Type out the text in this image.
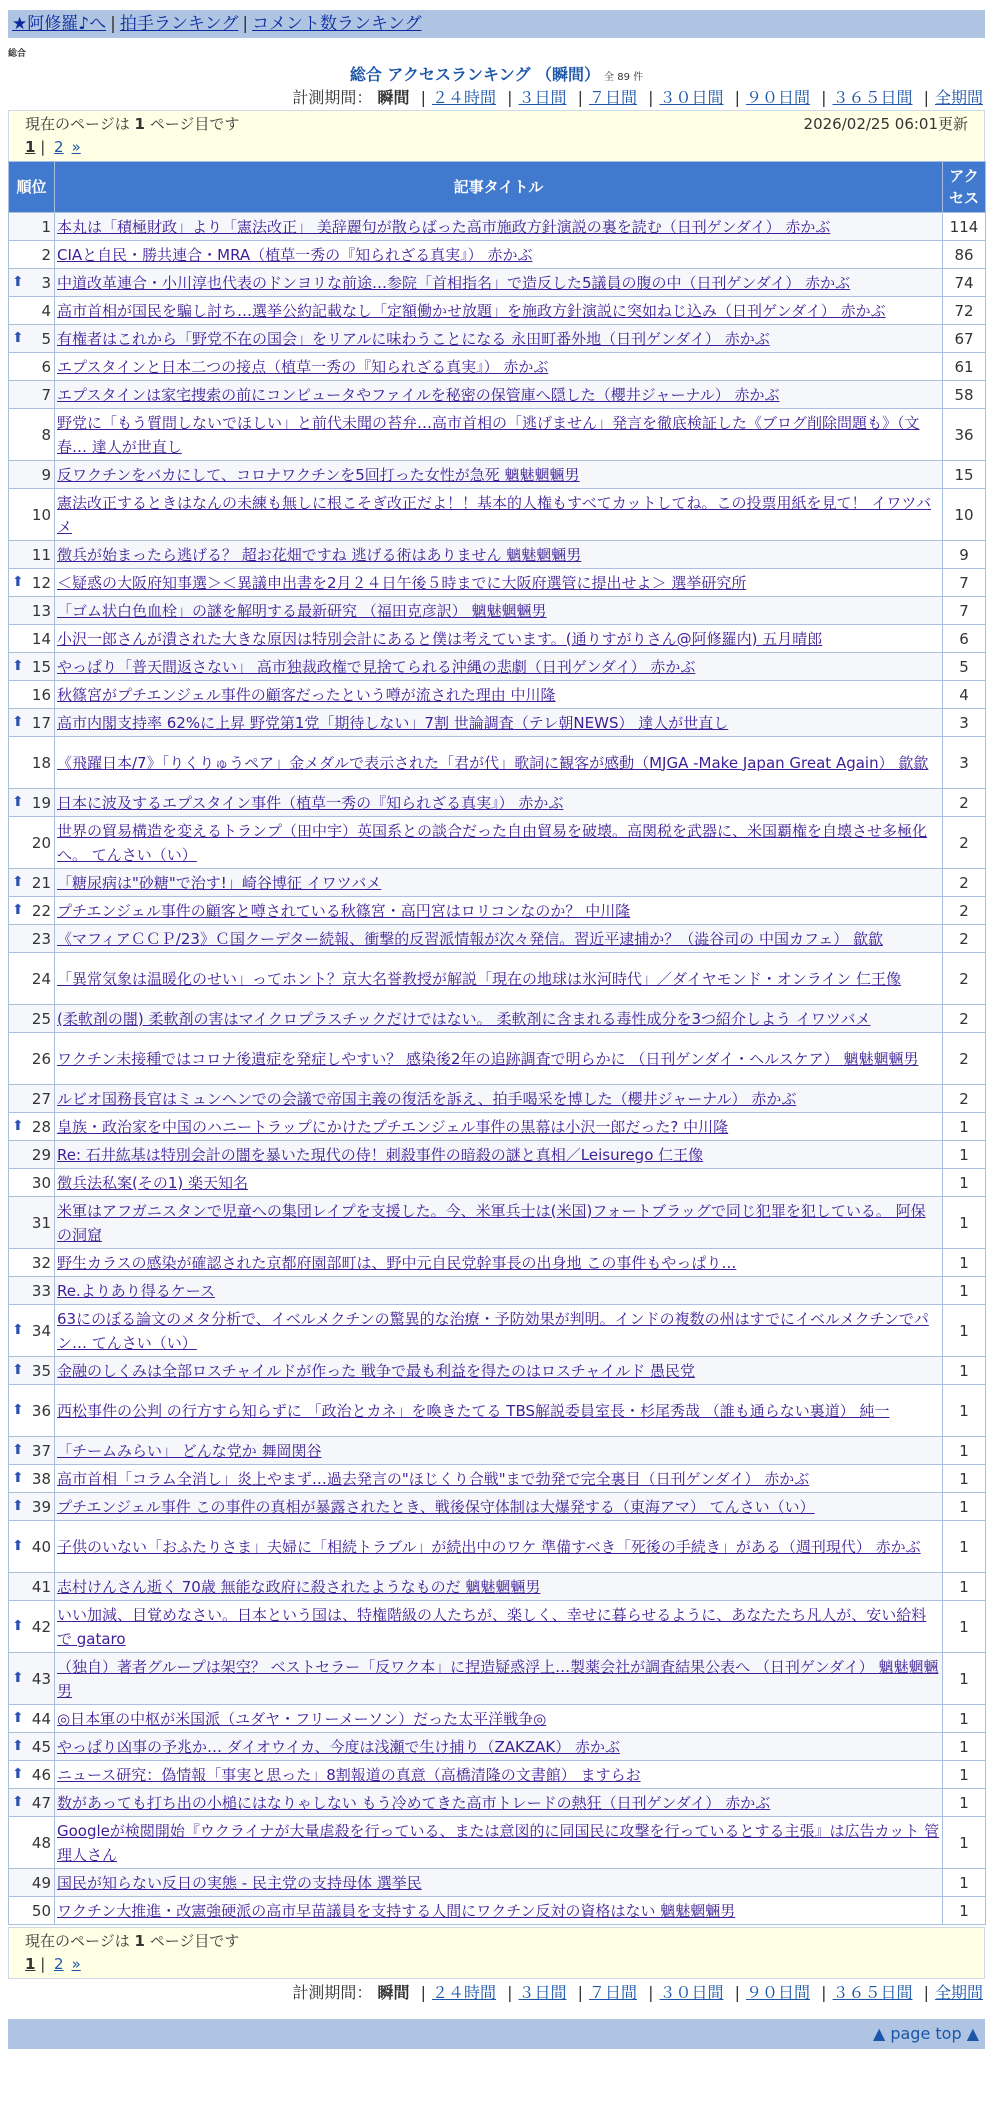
★阿修羅♪へ | 拍手ランキング | コメント数ランキング
総合
総合 アクセスランキング （瞬間） 全 89 件
計測期間： 瞬間 | ２４時間 | ３日間 | ７日間 | ３０日間 | ９０日間 | ３６５日間 | 全期間
現在のページは 1 ページ目です	2026/02/25 06:01更新
1 | 2 »
順位	記事タイトル	アクセス
1	本丸は「積極財政」より「憲法改正」 美辞麗句が散らばった高市施政方針演説の裏を読む（日刊ゲンダイ） 赤かぶ	114
2	CIAと自民・勝共連合・MRA（植草一秀の『知られざる真実』） 赤かぶ	86

⬆ 3	中道改革連合・小川淳也代表のドンヨリな前途…参院「首相指名」で造反した5議員の腹の中（日刊ゲンダイ） 赤かぶ	74
4	高市首相が国民を騙し討ち…選挙公約記載なし「定額働かせ放題」を施政方針演説に突如ねじ込み（日刊ゲンダイ） 赤かぶ	72

⬆ 5	有権者はこれから「野党不在の国会」をリアルに味わうことになる 永田町番外地（日刊ゲンダイ） 赤かぶ	67
6	エプスタインと日本二つの接点（植草一秀の『知られざる真実』） 赤かぶ	61
7	エプスタインは家宅捜索の前にコンピュータやファイルを秘密の保管庫へ隠した（櫻井ジャーナル） 赤かぶ	58
8	野党に「もう質問しないでほしい」と前代未聞の苔弁…高市首相の「逃げません」発言を徹底検証した《ブログ削除問題も》（文春… 達人が世直し	36
9	反ワクチンをバカにして、コロナワクチンを5回打った女性が急死 魑魅魍魎男	15
10	憲法改正するときはなんの未練も無しに根こそぎ改正だよ！！基本的人権もすべてカットしてね。この投票用紙を見て！ イワツバメ	10
11	徴兵が始まったら逃げる？ 超お花畑ですね 逃げる術はありません 魑魅魍魎男	9

⬆ 12	＜疑惑の大阪府知事選＞＜異議申出書を2月２４日午後５時までに大阪府選管に提出せよ＞ 選挙研究所	7
13	「ゴム状白色血栓」の謎を解明する最新研究 （福田克彦訳） 魑魅魍魎男	7
14	小沢一郎さんが潰された大きな原因は特別会計にあると僕は考えています。(通りすがりさん@阿修羅内) 五月晴郎	6

⬆ 15	やっぱり「普天間返さない」 高市独裁政権で見捨てられる沖縄の悲劇（日刊ゲンダイ） 赤かぶ	5
16	秋篠宮がプチエンジェル事件の顧客だったという噂が流された理由 中川隆	4

⬆ 17	高市内閣支持率 62%に上昇 野党第1党「期待しない」7割 世論調査（テレ朝NEWS） 達人が世直し	3
18	《飛躍日本/7》「りくりゅうペア」金メダルで表示された「君が代」歌詞に観客が感動（MJGA -Make Japan Great Again） 歙歙	3

⬆ 19	日本に波及するエプスタイン事件（植草一秀の『知られざる真実』） 赤かぶ	2
20	世界の貿易構造を変えるトランプ（田中宇）英国系との談合だった自由貿易を破壊。高関税を武器に、米国覇権を自壊させ多極化へ。 てんさい（い）	2

⬆ 21	「糖尿病は"砂糖"で治す!」崎谷博征 イワツバメ	2

⬆ 22	プチエンジェル事件の顧客と噂されている秋篠宮・高円宮はロリコンなのか？ 中川隆	2
23	《マフィアＣＣＰ/23》Ｃ国クーデター続報、衝撃的反習派情報が次々発信。習近平逮捕か？（澁谷司の 中国カフェ） 歙歙	2
24	「異常気象は温暖化のせい」ってホント？京大名誉教授が解説「現在の地球は氷河時代」／ダイヤモンド・オンライン 仁王像	2
25	(柔軟剤の闇) 柔軟剤の害はマイクロプラスチックだけではない。 柔軟剤に含まれる毒性成分を3つ紹介しよう イワツバメ	2
26	ワクチン未接種ではコロナ後遺症を発症しやすい？ 感染後2年の追跡調査で明らかに （日刊ゲンダイ・ヘルスケア） 魑魅魍魎男	2
27	ルビオ国務長官はミュンヘンでの会議で帝国主義の復活を訴え、拍手喝采を博した（櫻井ジャーナル） 赤かぶ	2

⬆ 28	皇族・政治家を中国のハニートラップにかけたプチエンジェル事件の黒幕は小沢一郎だった? 中川隆	1
29	Re: 石井紘基は特別会計の闇を暴いた現代の侍！刺殺事件の暗殺の謎と真相／Leisurego 仁王像	1
30	徴兵法私案(その1) 楽天知名	1
31	米軍はアフガニスタンで児童への集団レイプを支援した。今、米軍兵士は(米国)フォートブラッグで同じ犯罪を犯している。 阿保の洞窟	1
32	野生カラスの感染が確認された京都府園部町は、野中元自民党幹事長の出身地 この事件もやっぱり…	1
33	Re.よりあり得るケース	1

⬆ 34	63にのぼる論文のメタ分析で、イベルメクチンの驚異的な治療・予防効果が判明。インドの複数の州はすでにイベルメクチンでパン… てんさい（い）	1

⬆ 35	金融のしくみは全部ロスチャイルドが作った 戦争で最も利益を得たのはロスチャイルド 愚民党	1

⬆ 36	西松事件の公判 の行方すら知らずに 「政治とカネ」を喚きたてる TBS解説委員室長・杉尾秀哉 （誰も通らない裏道） 純一	1

⬆ 37	「チームみらい」 どんな党か 舞岡関谷	1

⬆ 38	高市首相「コラム全消し」炎上やまず…過去発言の"ほじくり合戦"まで勃発で完全裏目（日刊ゲンダイ） 赤かぶ	1

⬆ 39	プチエンジェル事件 この事件の真相が暴露されたとき、戦後保守体制は大爆発する（東海アマ） てんさい（い）	1

⬆ 40	子供のいない「おふたりさま」夫婦に「相続トラブル」が続出中のワケ 準備すべき「死後の手続き」がある（週刊現代） 赤かぶ	1
41	志村けんさん逝く 70歳 無能な政府に殺されたようなものだ 魑魅魍魎男	1

⬆ 42	いい加減、目覚めなさい。日本という国は、特権階級の人たちが、楽しく、幸せに暮らせるように、あなたたち凡人が、安い給料で gataro	1

⬆ 43	（独自）著者グループは架空？ ベストセラー「反ワク本」に捏造疑惑浮上…製薬会社が調査結果公表へ （日刊ゲンダイ） 魑魅魍魎男	1

⬆ 44	◎日本軍の中枢が米国派（ユダヤ・フリーメーソン）だった太平洋戦争◎	1

⬆ 45	やっぱり凶事の予兆か… ダイオウイカ、今度は浅瀬で生け捕り（ZAKZAK） 赤かぶ	1

⬆ 46	ニュース研究：偽情報「事実と思った」8割報道の真意（高橋清隆の文書館） ますらお	1

⬆ 47	数があっても打ち出の小槌にはなりゃしない もう冷めてきた高市トレードの熱狂（日刊ゲンダイ） 赤かぶ	1
48	Googleが検閲開始『ウクライナが大量虐殺を行っている、または意図的に同国民に攻撃を行っているとする主張』は広告カット 管理人さん	1
49	国民が知らない反日の実態 - 民主党の支持母体 選挙民	1
50	ワクチン大推進・改憲強硬派の高市早苗議員を支持する人間にワクチン反対の資格はない 魑魅魍魎男	1
現在のページは 1 ページ目です
1 | 2 »
計測期間： 瞬間 | ２４時間 | ３日間 | ７日間 | ３０日間 | ９０日間 | ３６５日間 | 全期間
▲ page top ▲
